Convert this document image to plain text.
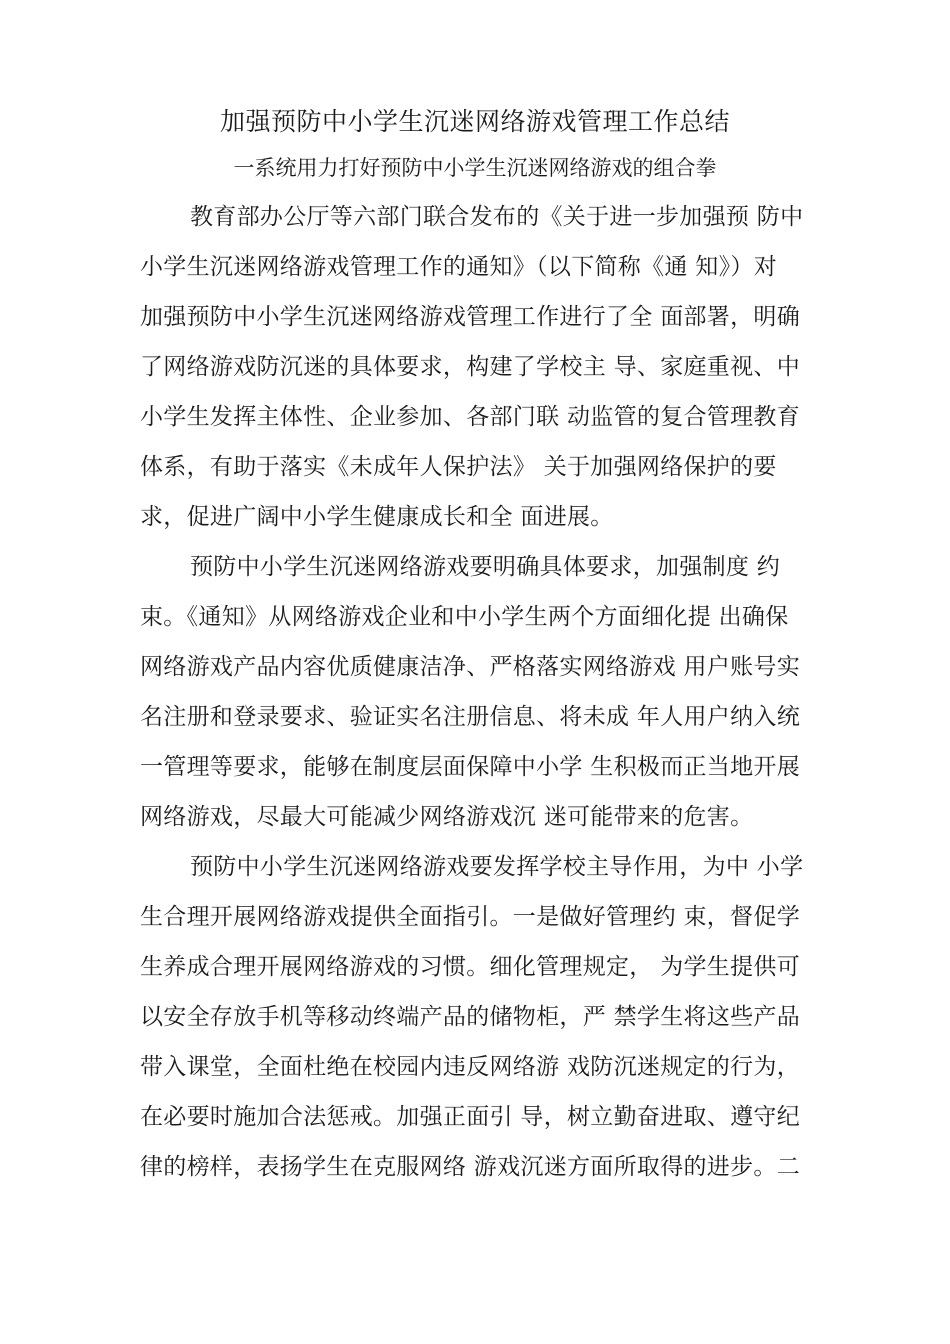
加强预防中小学生沉迷网络游戏管理工作总结
一系统用力打好预防中小学生沉迷网络游戏的组合拳
教育部办公厅等六部门联合发布的《关于进一步加强预 防中
小学生沉迷网络游戏管理工作的通知》（以下简称《通 知》）对
加强预防中小学生沉迷网络游戏管理工作进行了全 面部署，明确
了网络游戏防沉迷的具体要求，构建了学校主 导、家庭重视、中
小学生发挥主体性、企业参加、各部门联 动监管的复合管理教育
体系，有助于落实《未成年人保护法》 关于加强网络保护的要
求，促进广阔中小学生健康成长和全 面进展。
预防中小学生沉迷网络游戏要明确具体要求，加强制度 约
束。《通知》从网络游戏企业和中小学生两个方面细化提 出确保
网络游戏产品内容优质健康洁净、严格落实网络游戏 用户账号实
名注册和登录要求、验证实名注册信息、将未成 年人用户纳入统
一管理等要求，能够在制度层面保障中小学 生积极而正当地开展
网络游戏，尽最大可能减少网络游戏沉 迷可能带来的危害。
预防中小学生沉迷网络游戏要发挥学校主导作用，为中 小学
生合理开展网络游戏提供全面指引。一是做好管理约 束，督促学
生养成合理开展网络游戏的习惯。细化管理规定， 为学生提供可
以安全存放手机等移动终端产品的储物柜，严 禁学生将这些产品
带入课堂，全面杜绝在校园内违反网络游 戏防沉迷规定的行为，
在必要时施加合法惩戒。加强正面引 导，树立勤奋进取、遵守纪
律的榜样，表扬学生在克服网络 游戏沉迷方面所取得的进步。二
